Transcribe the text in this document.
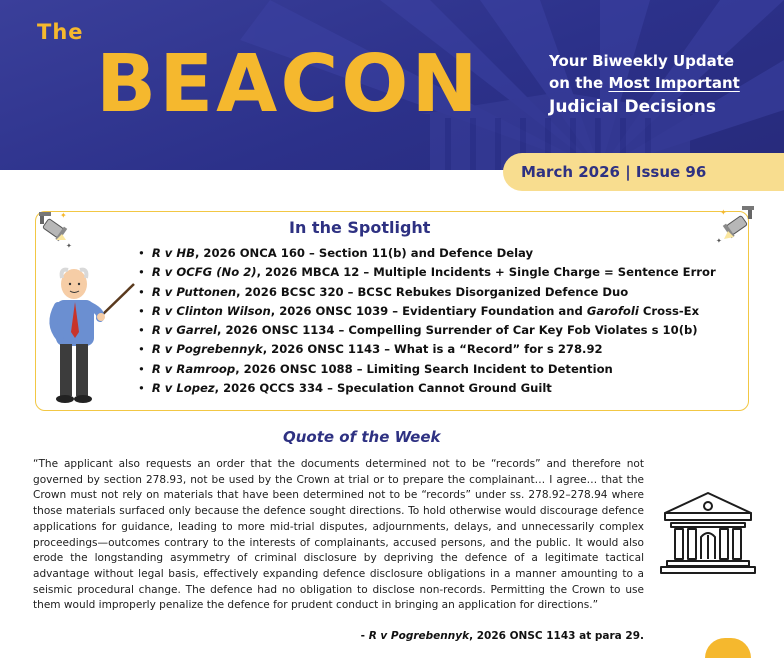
The
BEACON	Your Biweekly Update
on the Most Important
Judicial Decisions
March 2026 | Issue 96
✦
✦
✦
✦
In the Spotlight
• R v HB, 2026 ONCA 160 – Section 11(b) and Defence Delay
• R v OCFG (No 2), 2026 MBCA 12 – Multiple Incidents + Single Charge = Sentence Error
• R v Puttonen, 2026 BCSC 320 – BCSC Rebukes Disorganized Defence Duo
• R v Clinton Wilson, 2026 ONSC 1039 – Evidentiary Foundation and Garofoli Cross-Ex
• R v Garrel, 2026 ONSC 1134 – Compelling Surrender of Car Key Fob Violates s 10(b)
• R v Pogrebennyk, 2026 ONSC 1143 – What is a “Record” for s 278.92
• R v Ramroop, 2026 ONSC 1088 – Limiting Search Incident to Detention
• R v Lopez, 2026 QCCS 334 – Speculation Cannot Ground Guilt
Quote of the Week

“The applicant also requests an order that the documents determined not to be “records” and therefore not governed by section 278.93, not be used by the Crown at trial or to prepare the complainant… I agree… that the Crown must not rely on materials that have been determined not to be “records” under ss. 278.92–278.94 where those materials surfaced only because the defence sought directions. To hold otherwise would discourage defence applications for guidance, leading to more mid-trial disputes, adjournments, delays, and unnecessarily complex proceedings—outcomes contrary to the interests of complainants, accused persons, and the public. It would also erode the longstanding asymmetry of criminal disclosure by depriving the defence of a legitimate tactical advantage without legal basis, effectively expanding defence disclosure obligations in a manner amounting to a seismic procedural change. The defence had no obligation to disclose non-records. Permitting the Crown to use them would improperly penalize the defence for prudent conduct in bringing an application for directions.”

- R v Pogrebennyk, 2026 ONSC 1143 at para 29.
